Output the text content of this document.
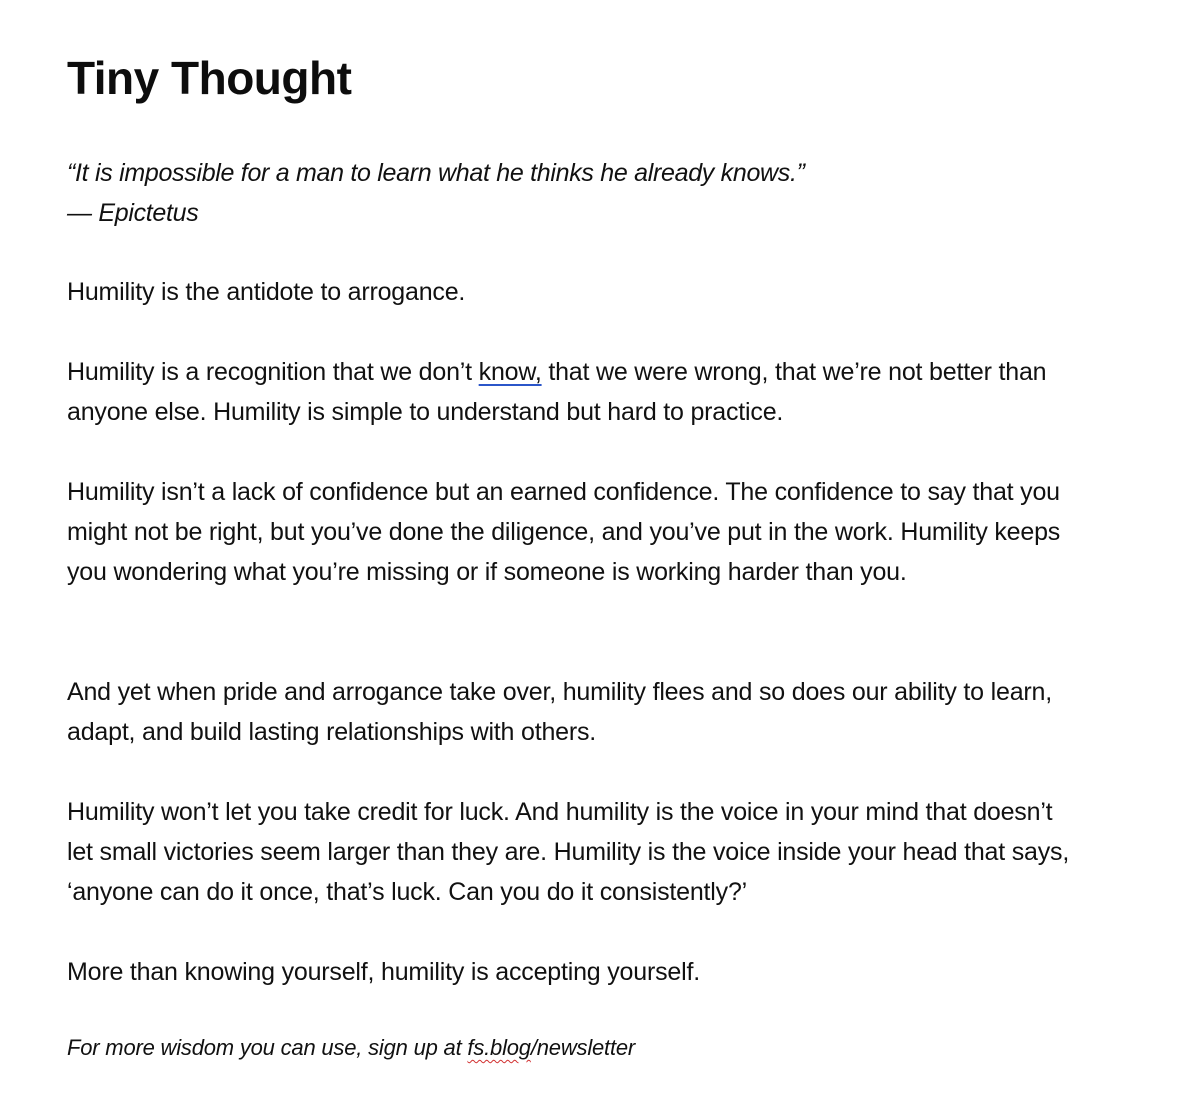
Tiny Thought
“It is impossible for a man to learn what he thinks he already knows.”
— Epictetus

Humility is the antidote to arrogance.

Humility is a recognition that we don’t know, that we were wrong, that we’re not better than anyone else. Humility is simple to understand but hard to practice.

Humility isn’t a lack of confidence but an earned confidence. The confidence to say that you might not be right, but you’ve done the diligence, and you’ve put in the work. Humility keeps you wondering what you’re missing or if someone is working harder than you.

And yet when pride and arrogance take over, humility flees and so does our ability to learn, adapt, and build lasting relationships with others.

Humility won’t let you take credit for luck. And humility is the voice in your mind that doesn’t let small victories seem larger than they are. Humility is the voice inside your head that says, ‘anyone can do it once, that’s luck. Can you do it consistently?’

More than knowing yourself, humility is accepting yourself.

For more wisdom you can use, sign up at fs.blog/newsletter
